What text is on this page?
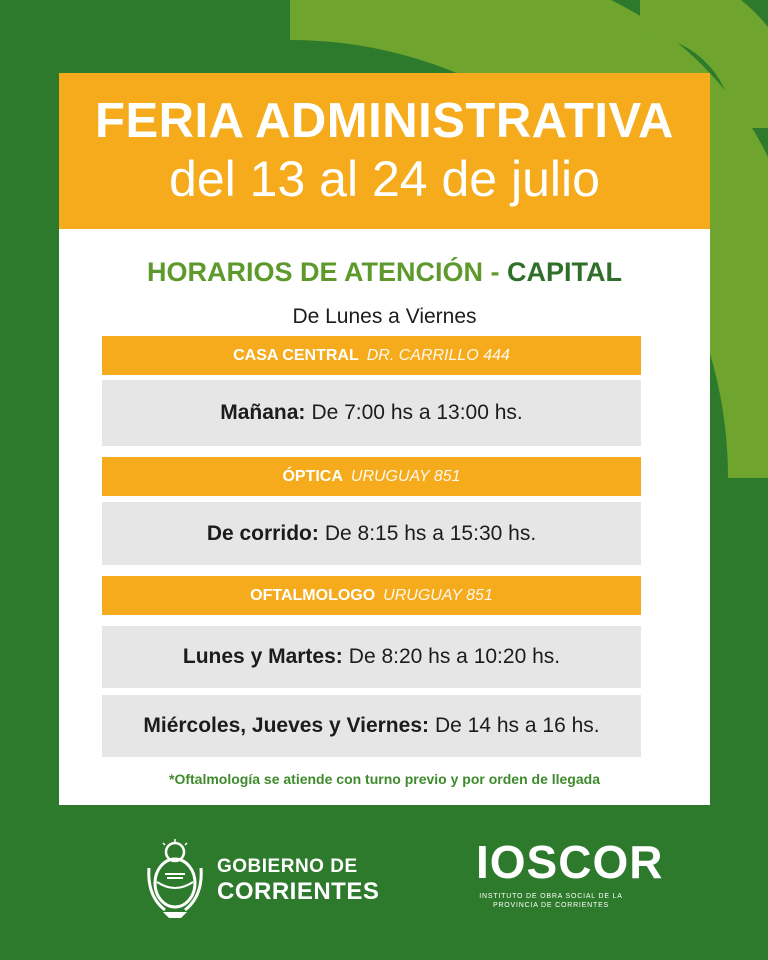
FERIA ADMINISTRATIVA
del 13 al 24 de julio
HORARIOS DE ATENCIÓN - CAPITAL
De Lunes a Viernes
CASA CENTRAL DR. CARRILLO 444
Mañana: De 7:00 hs a 13:00 hs.
ÓPTICA URUGUAY 851
De corrido: De 8:15 hs a 15:30 hs.
OFTALMOLOGO URUGUAY 851
Lunes y Martes: De 8:20 hs a 10:20 hs.
Miércoles, Jueves y Viernes: De 14 hs a 16 hs.
*Oftalmología se atiende con turno previo y por orden de llegada
GOBIERNO DE
CORRIENTES
IOSCOR
INSTITUTO DE OBRA SOCIAL DE LA
PROVINCIA DE CORRIENTES
